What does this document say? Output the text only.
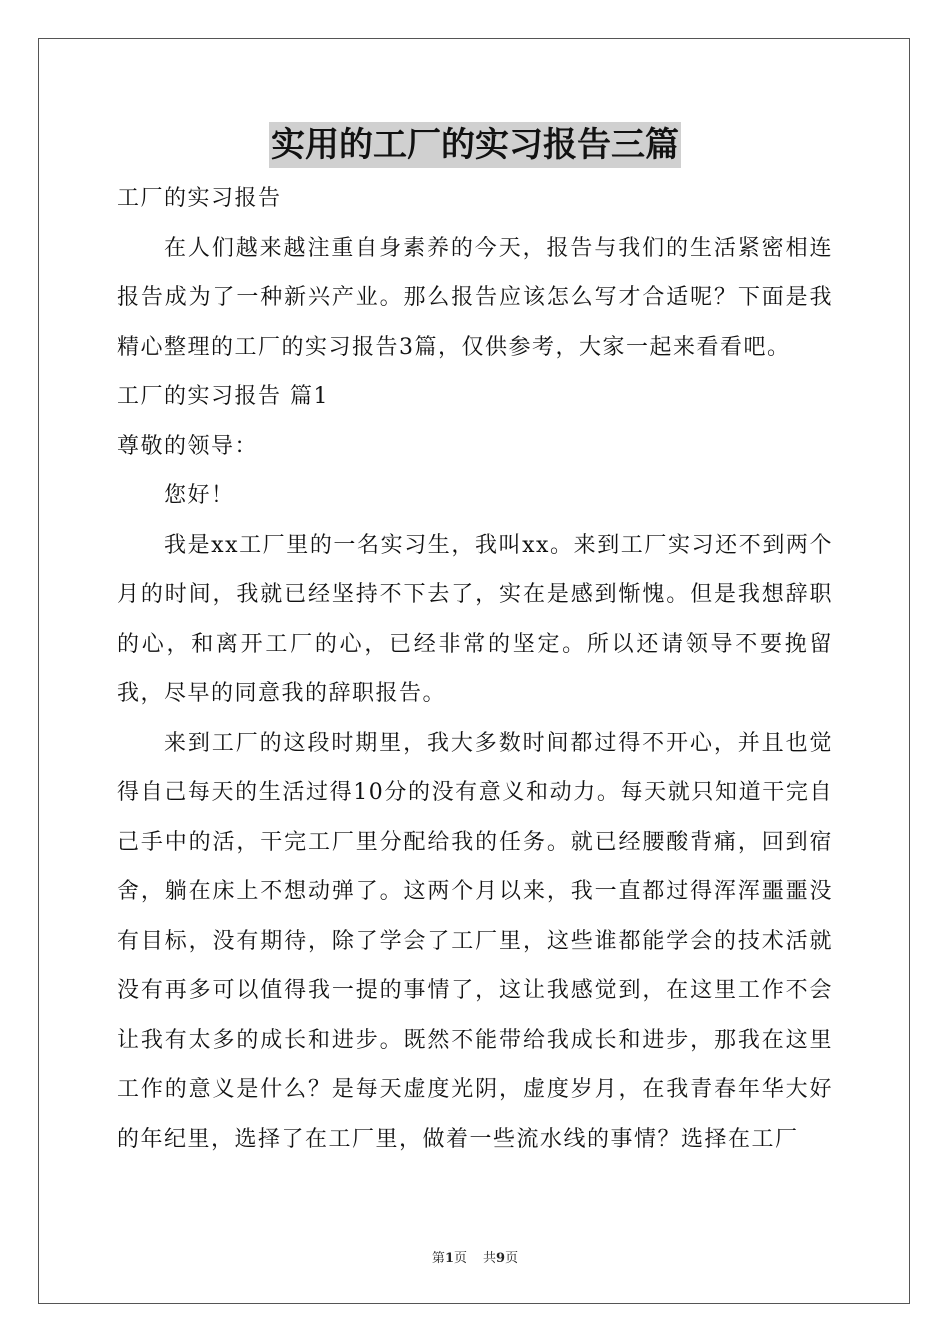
实用的工厂的实习报告三篇

工厂的实习报告

在人们越来越注重自身素养的今天，报告与我们的生活紧密相连报告成为了一种新兴产业。那么报告应该怎么写才合适呢？下面是我精心整理的工厂的实习报告3篇，仅供参考，大家一起来看看吧。

工厂的实习报告 篇1

尊敬的领导：

您好！

我是xx工厂里的一名实习生，我叫xx。来到工厂实习还不到两个月的时间，我就已经坚持不下去了，实在是感到惭愧。但是我想辞职的心，和离开工厂的心，已经非常的坚定。所以还请领导不要挽留我，尽早的同意我的辞职报告。

来到工厂的这段时期里，我大多数时间都过得不开心，并且也觉得自己每天的生活过得10分的没有意义和动力。每天就只知道干完自己手中的活，干完工厂里分配给我的任务。就已经腰酸背痛，回到宿舍，躺在床上不想动弹了。这两个月以来，我一直都过得浑浑噩噩没有目标，没有期待，除了学会了工厂里，这些谁都能学会的技术活就没有再多可以值得我一提的事情了，这让我感觉到，在这里工作不会让我有太多的成长和进步。既然不能带给我成长和进步，那我在这里工作的意义是什么？是每天虚度光阴，虚度岁月，在我青春年华大好的年纪里，选择了在工厂里，做着一些流水线的事情？选择在工厂

第1页 共9页
